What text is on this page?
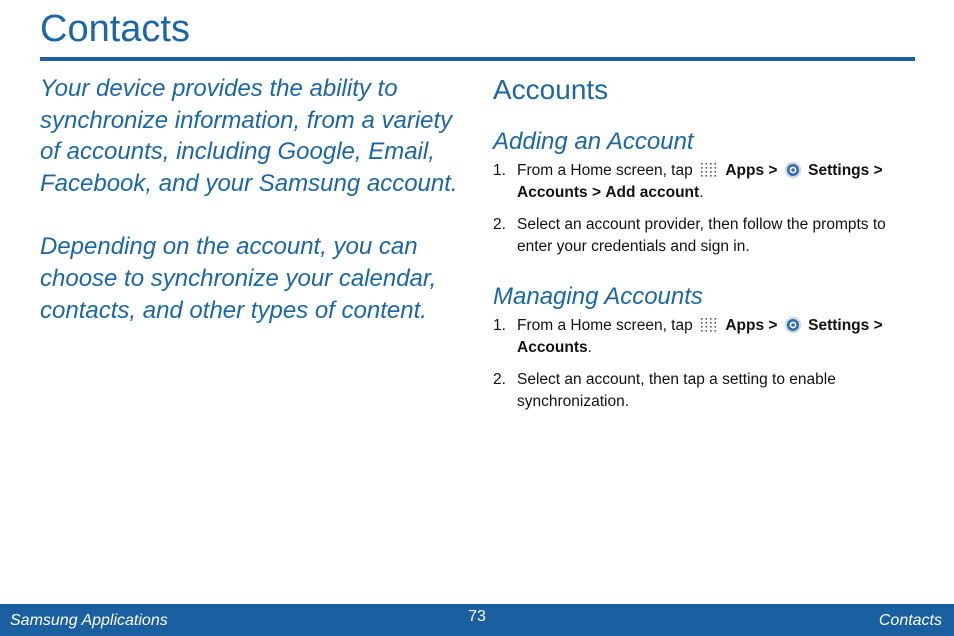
Contacts

Your device provides the ability to synchronize information, from a variety of accounts, including Google, Email, Facebook, and your Samsung account.

Depending on the account, you can choose to synchronize your calendar, contacts, and other types of content.

Accounts
Adding an Account
1. From a Home screen, tap Apps > Settings > Accounts > Add account.
2. Select an account provider, then follow the prompts to enter your credentials and sign in.
Managing Accounts
1. From a Home screen, tap Apps > Settings > Accounts.
2. Select an account, then tap a setting to enable synchronization.
Samsung Applications	73	Contacts
